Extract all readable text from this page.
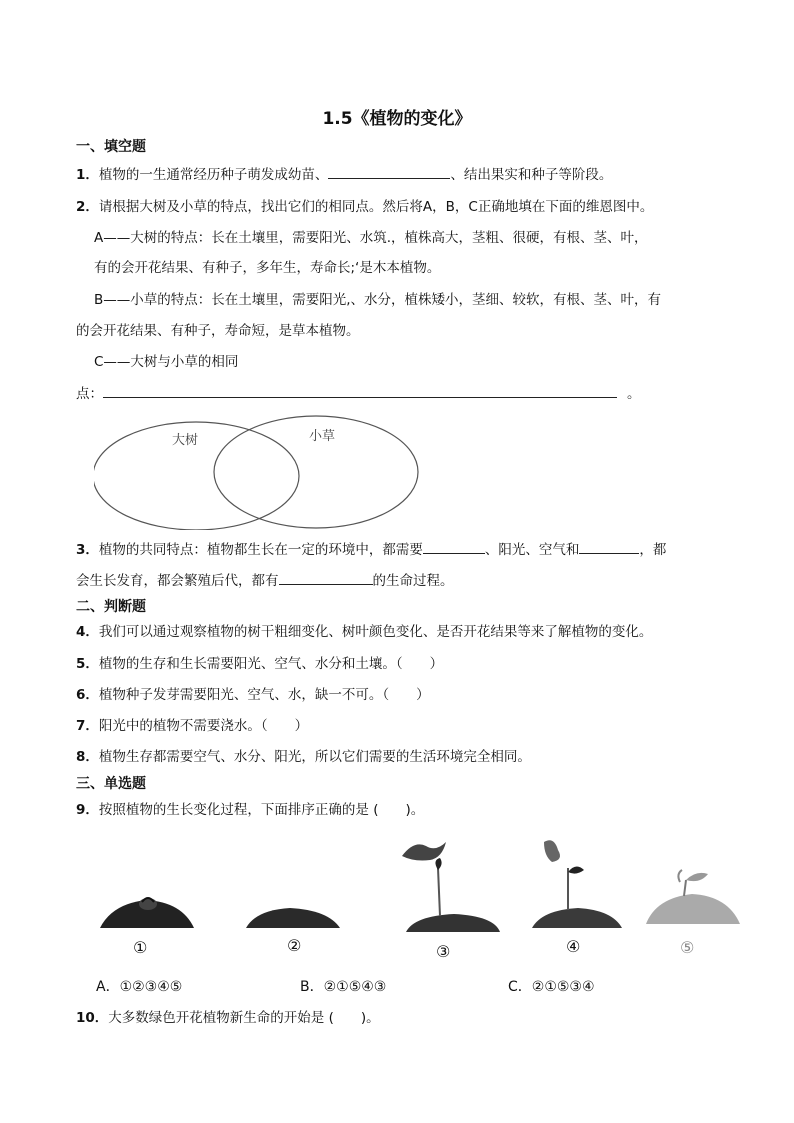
1.5《植物的变化》
一、填空题
1．植物的一生通常经历种子萌发成幼苗、	、结出果实和种子等阶段。
2．请根据大树及小草的特点，找出它们的相同点。然后将A，B，C正确地填在下面的维恩图中。
A——大树的特点：长在土壤里，需要阳光、水筑.，植株高大，茎粗、很硬，有根、茎、叶，
有的会开花结果、有种子，多年生，寿命长;‘是木本植物。
B——小草的特点：长在土壤里，需要阳光,、水分，植株矮小，茎细、较软，有根、茎、叶，有
的会开花结果、有种子，寿命短，是草本植物。
C——大树与小草的相同
点：	。
大树	小草
3．植物的共同特点：植物都生长在一定的环境中，都需要	、阳光、空气和	，都
会生长发育，都会繁殖后代，都有	的生命过程。
二、判断题
4．我们可以通过观察植物的树干粗细变化、树叶颜色变化、是否开花结果等来了解植物的变化。
5．植物的生存和生长需要阳光、空气、水分和土壤。（　　）
6．植物种子发芽需要阳光、空气、水，缺一不可。（　　）
7．阳光中的植物不需要浇水。（　　）
8．植物生存都需要空气、水分、阳光，所以它们需要的生活环境完全相同。
三、单选题
9．按照植物的生长变化过程，下面排序正确的是 (　　)。
①	②	③	④	⑤
A．①②③④⑤	B．②①⑤④③	C．②①⑤③④
10．大多数绿色开花植物新生命的开始是 (　　)。
